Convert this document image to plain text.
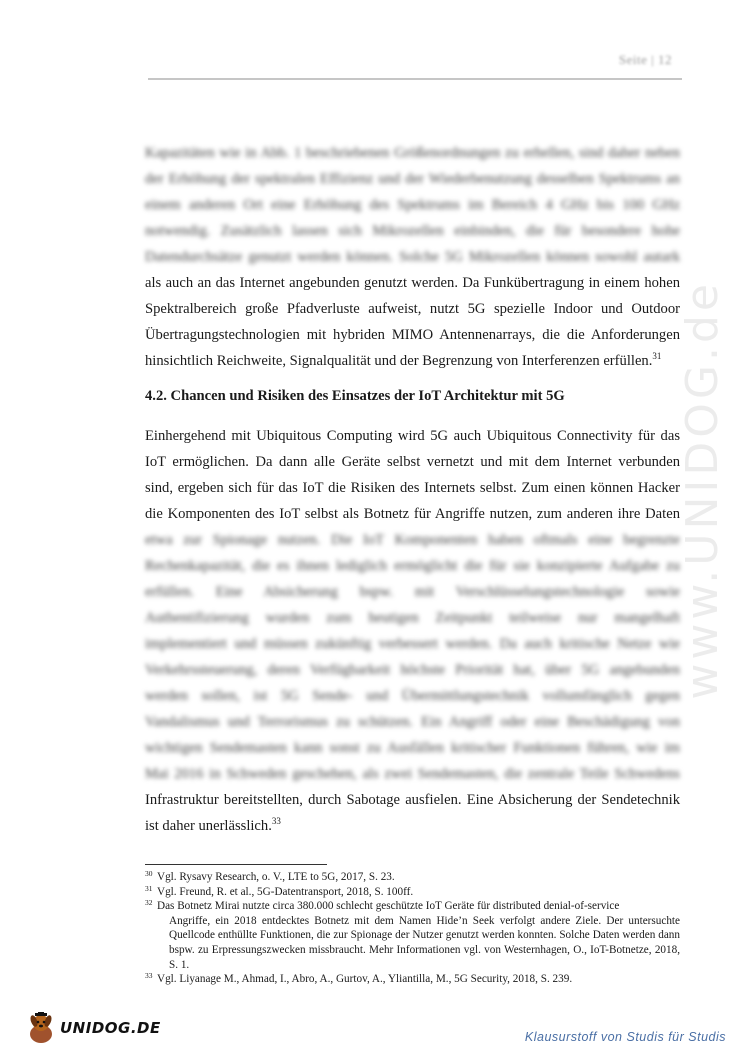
Seite | 12
www.UNIDOG.de
Kapazitäten wie in Abb. 1 beschriebenen Größenordnungen zu erhellen, sind daher neben
der Erhöhung der spektralen Effizienz und der Wiederbenutzung desselben Spektrums an
einem anderen Ort eine Erhöhung des Spektrums im Bereich 4 GHz bis 100 GHz
notwendig. Zusätzlich lassen sich Mikrozellen einbinden, die für besondere hohe
Datendurchsätze genutzt werden können. Solche 5G Mikrozellen können sowohl autark
als auch an das Internet angebunden genutzt werden. Da Funkübertragung in einem hohen
Spektralbereich große Pfadverluste aufweist, nutzt 5G spezielle Indoor und Outdoor
Übertragungstechnologien mit hybriden MIMO Antennenarrays, die die Anforderungen
hinsichtlich Reichweite, Signalqualität und der Begrenzung von Interferenzen erfüllen.$^{31}$
4.2. Chancen und Risiken des Einsatzes der IoT Architektur mit 5G
Einhergehend mit Ubiquitous Computing wird 5G auch Ubiquitous Connectivity für das
IoT ermöglichen. Da dann alle Geräte selbst vernetzt und mit dem Internet verbunden
sind, ergeben sich für das IoT die Risiken des Internets selbst. Zum einen können Hacker
die Komponenten des IoT selbst als Botnetz für Angriffe nutzen, zum anderen ihre Daten
etwa zur Spionage nutzen. Die IoT Komponenten haben oftmals eine begrenzte
Rechenkapazität, die es ihnen lediglich ermöglicht die für sie konzipierte Aufgabe zu
erfüllen. Eine Absicherung bspw. mit Verschlüsselungstechnologie sowie
Authentifizierung wurden zum heutigen Zeitpunkt teilweise nur mangelhaft
implementiert und müssen zukünftig verbessert werden. Da auch kritische Netze wie
Verkehrssteuerung, deren Verfügbarkeit höchste Priorität hat, über 5G angebunden
werden sollen, ist 5G Sende- und Übermittlungstechnik vollumfänglich gegen
Vandalismus und Terrorismus zu schützen. Ein Angriff oder eine Beschädigung von
wichtigen Sendemasten kann sonst zu Ausfällen kritischer Funktionen führen, wie im
Mai 2016 in Schweden geschehen, als zwei Sendemasten, die zentrale Teile Schwedens
Infrastruktur bereitstellten, durch Sabotage ausfielen. Eine Absicherung der Sendetechnik
ist daher unerlässlich.$^{33}$
30 Vgl. Rysavy Research, o. V., LTE to 5G, 2017, S. 23.
31 Vgl. Freund, R. et al., 5G-Datentransport, 2018, S. 100ff.
32 Das Botnetz Mirai nutzte circa 380.000 schlecht geschützte IoT Geräte für distributed denial-of-service
Angriffe, ein 2018 entdecktes Botnetz mit dem Namen Hide’n Seek verfolgt andere Ziele. Der untersuchte Quellcode enthüllte Funktionen, die zur Spionage der Nutzer genutzt werden konnten. Solche Daten werden dann bspw. zu Erpressungszwecken missbraucht. Mehr Informationen vgl. von Westernhagen, O., IoT-Botnetze, 2018, S. 1.
33 Vgl. Liyanage M., Ahmad, I., Abro, A., Gurtov, A., Yliantilla, M., 5G Security, 2018, S. 239.
UNIDOG.DE	Klausurstoff von Studis für Studis
